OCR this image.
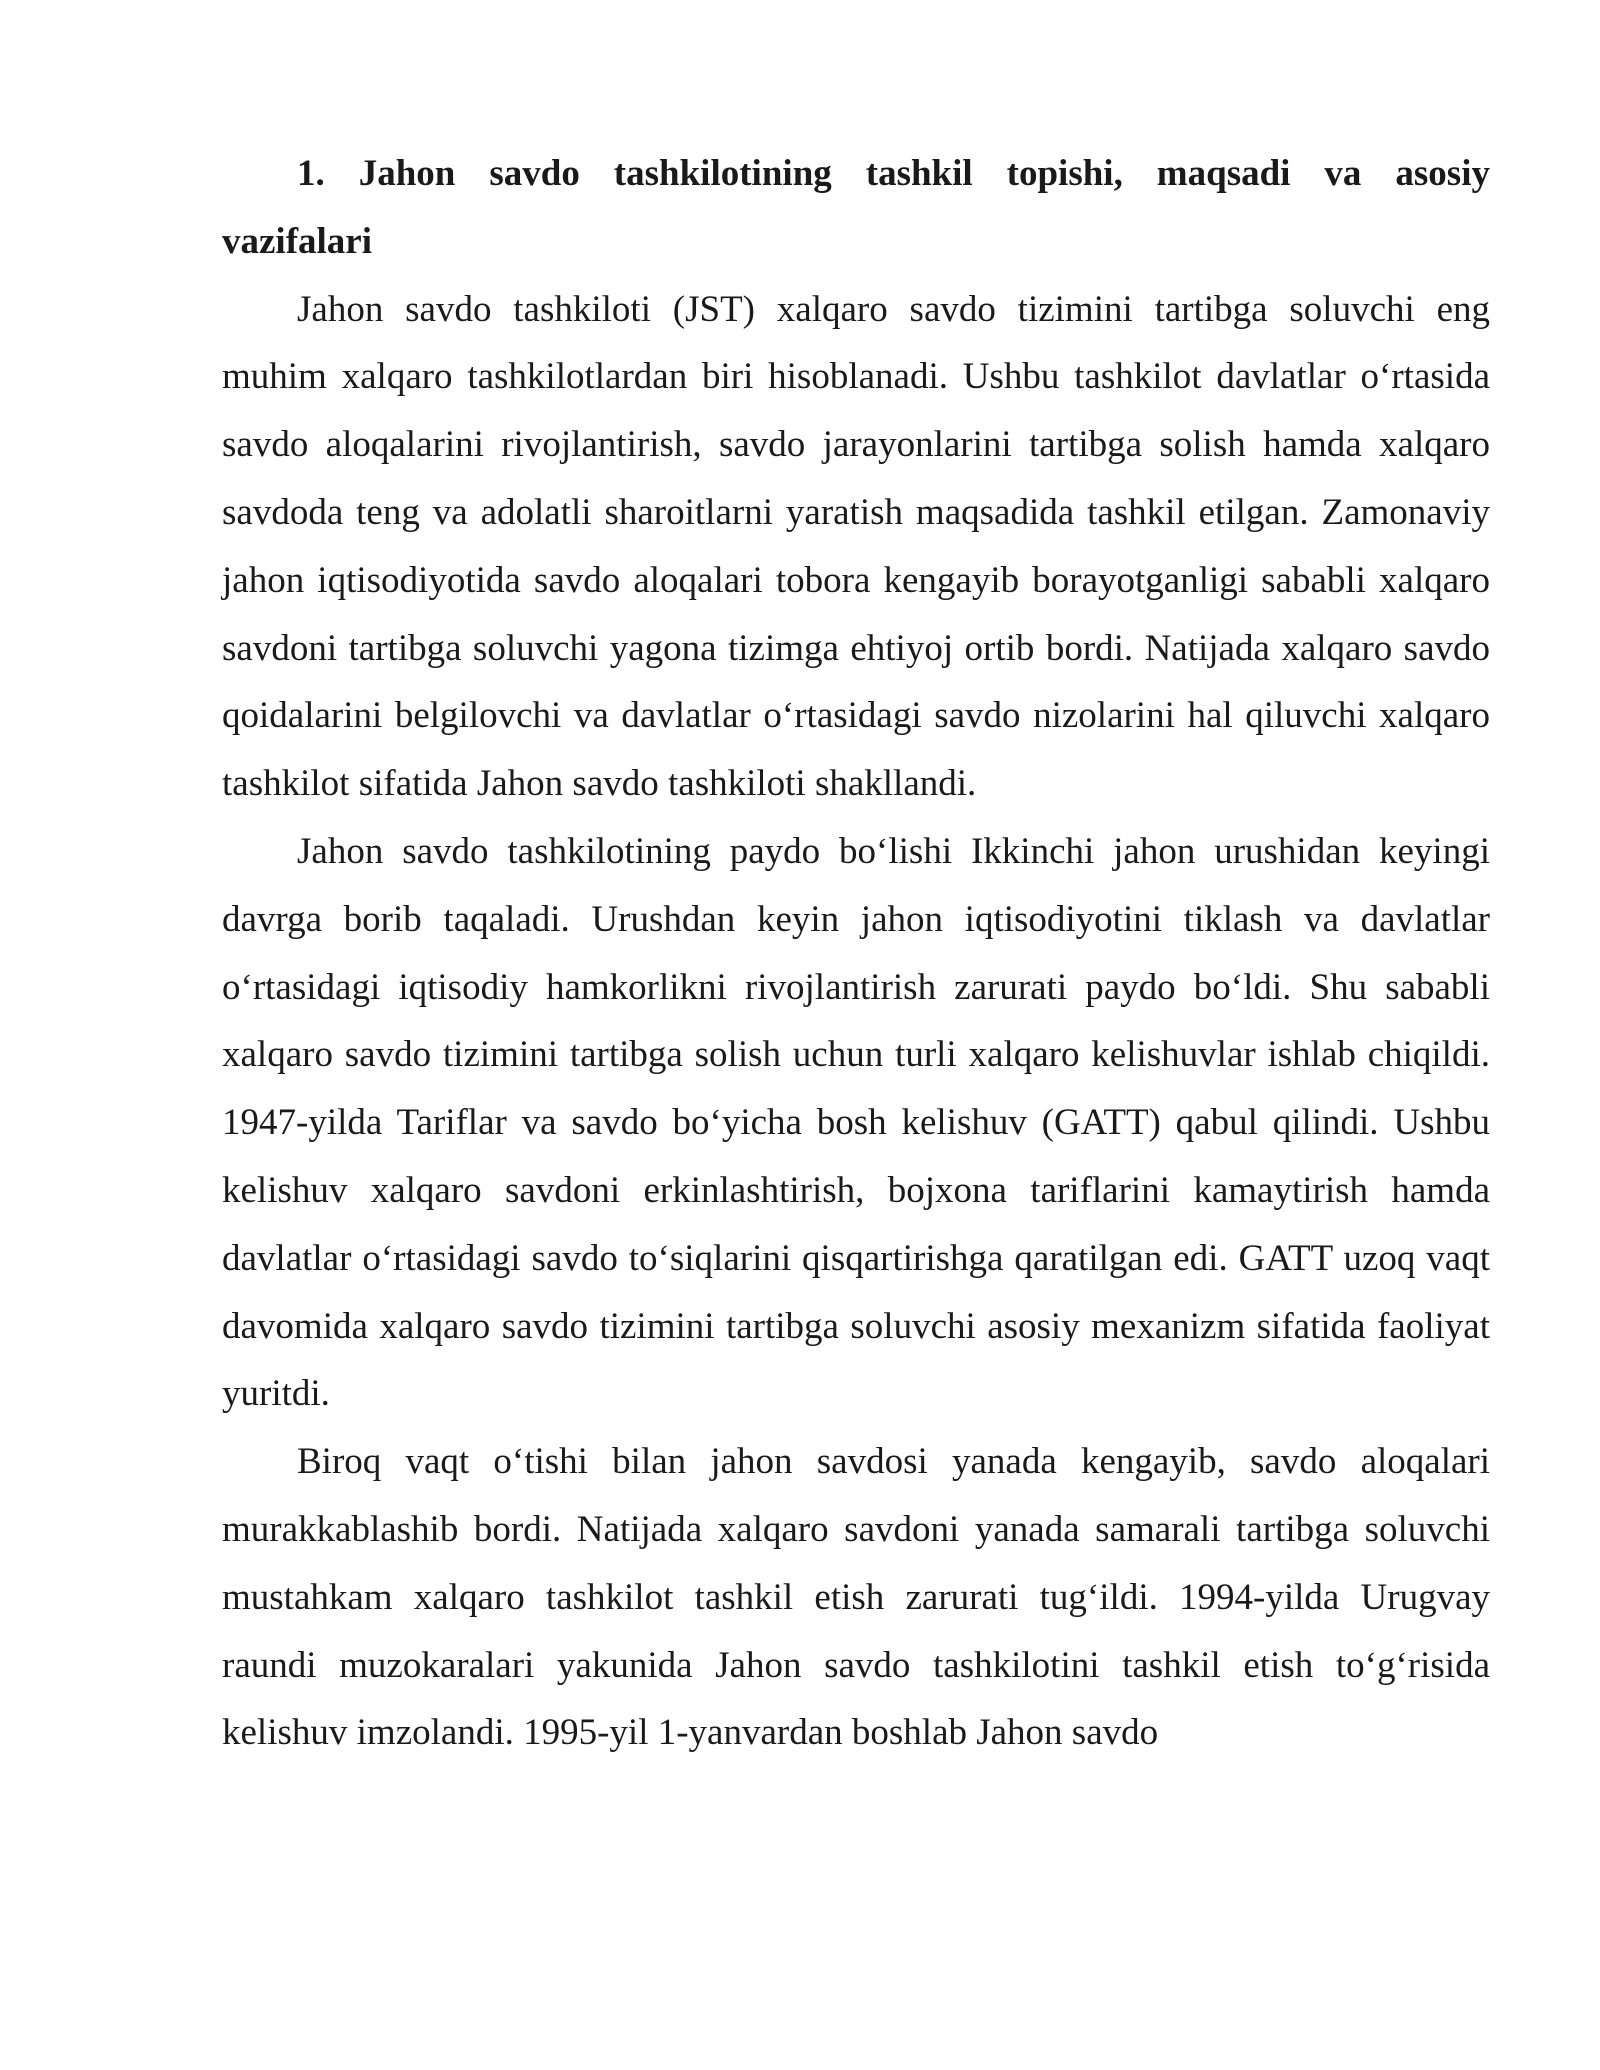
1. Jahon savdo tashkilotining tashkil topishi, maqsadi va asosiy vazifalari

Jahon savdo tashkiloti (JST) xalqaro savdo tizimini tartibga soluvchi eng muhim xalqaro tashkilotlardan biri hisoblanadi. Ushbu tashkilot davlatlar o‘rtasida savdo aloqalarini rivojlantirish, savdo jarayonlarini tartibga solish hamda xalqaro savdoda teng va adolatli sharoitlarni yaratish maqsadida tashkil etilgan. Zamonaviy jahon iqtisodiyotida savdo aloqalari tobora kengayib borayotganligi sababli xalqaro savdoni tartibga soluvchi yagona tizimga ehtiyoj ortib bordi. Natijada xalqaro savdo qoidalarini belgilovchi va davlatlar o‘rtasidagi savdo nizolarini hal qiluvchi xalqaro tashkilot sifatida Jahon savdo tashkiloti shakllandi.

Jahon savdo tashkilotining paydo bo‘lishi Ikkinchi jahon urushidan keyingi davrga borib taqaladi. Urushdan keyin jahon iqtisodiyotini tiklash va davlatlar o‘rtasidagi iqtisodiy hamkorlikni rivojlantirish zarurati paydo bo‘ldi. Shu sababli xalqaro savdo tizimini tartibga solish uchun turli xalqaro kelishuvlar ishlab chiqildi. 1947-yilda Tariflar va savdo bo‘yicha bosh kelishuv (GATT) qabul qilindi. Ushbu kelishuv xalqaro savdoni erkinlashtirish, bojxona tariflarini kamaytirish hamda davlatlar o‘rtasidagi savdo to‘siqlarini qisqartirishga qaratilgan edi. GATT uzoq vaqt davomida xalqaro savdo tizimini tartibga soluvchi asosiy mexanizm sifatida faoliyat yuritdi.

Biroq vaqt o‘tishi bilan jahon savdosi yanada kengayib, savdo aloqalari murakkablashib bordi. Natijada xalqaro savdoni yanada samarali tartibga soluvchi mustahkam xalqaro tashkilot tashkil etish zarurati tug‘ildi. 1994-yilda Urugvay raundi muzokaralari yakunida Jahon savdo tashkilotini tashkil etish to‘g‘risida kelishuv imzolandi. 1995-yil 1-yanvardan boshlab Jahon savdo
